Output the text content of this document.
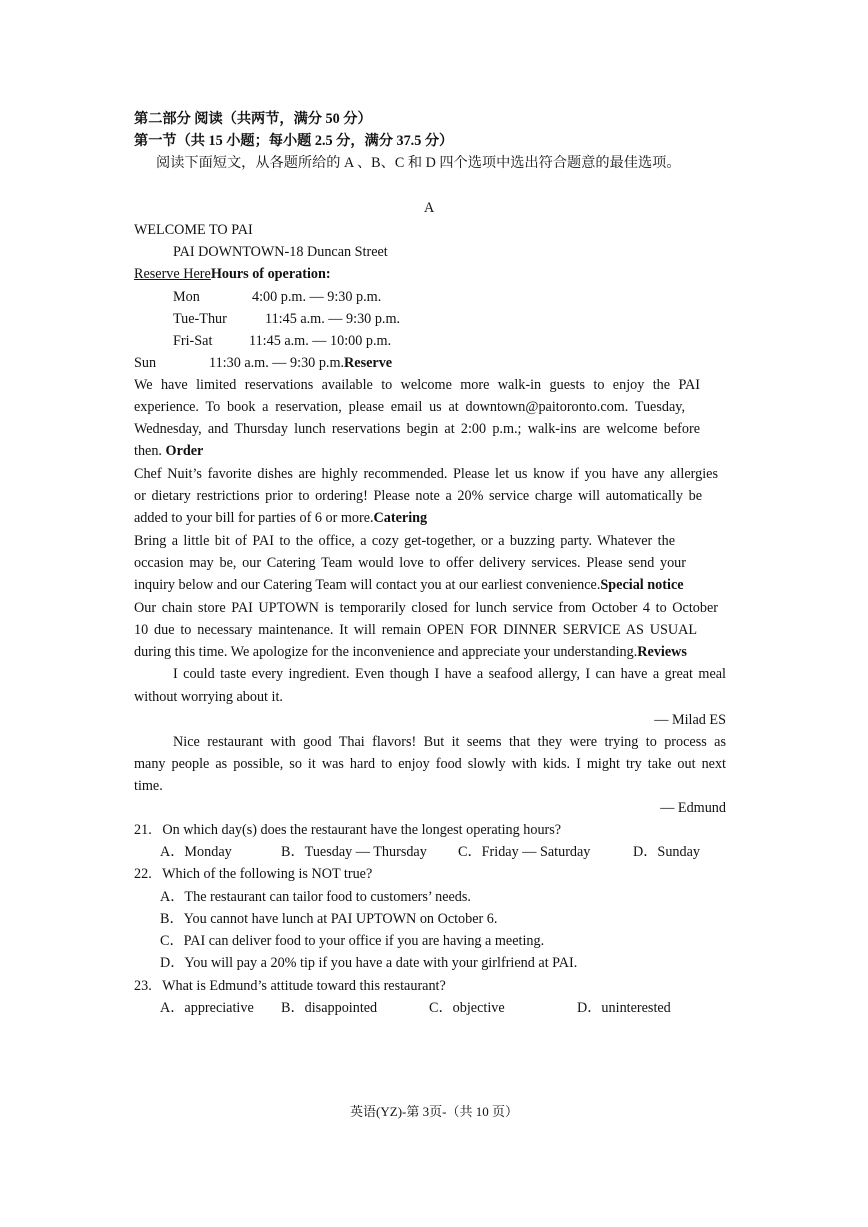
第二部分 阅读（共两节，满分 50 分）
第一节（共 15 小题；每小题 2.5 分，满分 37.5 分）
阅读下面短文，从各题所给的 A 、B、C 和 D 四个选项中选出符合题意的最佳选项。
A
WELCOME TO PAI
PAI DOWNTOWN-18 Duncan Street
Reserve HereHours of operation:
Mon	4:00 p.m. — 9:30 p.m.
Tue-Thur	11:45 a.m. — 9:30 p.m.
Fri-Sat	11:45 a.m. — 10:00 p.m.
Sun	11:30 a.m. — 9:30 p.m.Reserve
We have limited reservations available to welcome more walk-in guests to enjoy the PAI
experience. To book a reservation, please email us at downtown@paitoronto.com. Tuesday,
Wednesday, and Thursday lunch reservations begin at 2:00 p.m.; walk-ins are welcome before
then. Order
Chef Nuit’s favorite dishes are highly recommended. Please let us know if you have any allergies
or dietary restrictions prior to ordering! Please note a 20% service charge will automatically be
added to your bill for parties of 6 or more.Catering
Bring a little bit of PAI to the office, a cozy get-together, or a buzzing party. Whatever the
occasion may be, our Catering Team would love to offer delivery services. Please send your
inquiry below and our Catering Team will contact you at our earliest convenience.Special notice
Our chain store PAI UPTOWN is temporarily closed for lunch service from October 4 to October
10 due to necessary maintenance. It will remain OPEN FOR DINNER SERVICE AS USUAL
during this time. We apologize for the inconvenience and appreciate your understanding.Reviews
I could taste every ingredient. Even though I have a seafood allergy, I can have a great meal
without worrying about it.
— Milad ES
Nice restaurant with good Thai flavors! But it seems that they were trying to process as
many people as possible, so it was hard to enjoy food slowly with kids. I might try take out next
time.
— Edmund
21.   On which day(s) does the restaurant have the longest operating hours?
A．Monday	B．Tuesday — Thursday C．Friday — Saturday	D．Sunday
22.   Which of the following is NOT true?
A．The restaurant can tailor food to customers’ needs.
B．You cannot have lunch at PAI UPTOWN on October 6.
C．PAI can deliver food to your office if you are having a meeting.
D．You will pay a 20% tip if you have a date with your girlfriend at PAI.
23.   What is Edmund’s attitude toward this restaurant?
A．appreciative B．disappointed	C．objective	D．uninterested
英语(YZ)-第 3页-（共 10 页）
